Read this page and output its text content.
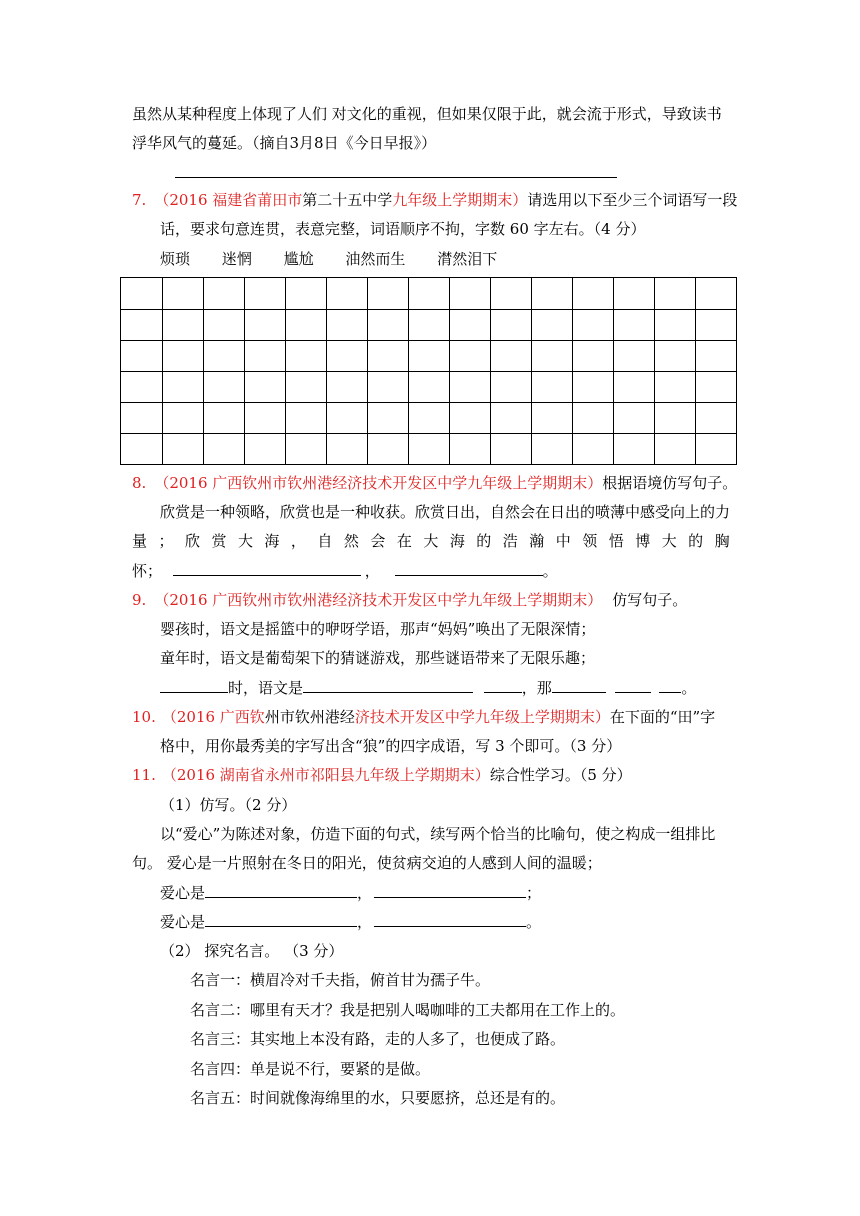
虽然从某种程度上体现了人们 对文化的重视，但如果仅限于此，就会流于形式，导致读书
浮华风气的蔓延。（摘自3月8日《今日早报》）
7. （2016 福建省莆田市第二十五中学九年级上学期期末）请选用以下至少三个词语写一段
话，要求句意连贯，表意完整，词语顺序不拘，字数 60 字左右。（4 分）
烦琐 迷惘 尴尬 油然而生 潸然泪下
8. （2016 广西钦州市钦州港经济技术开发区中学九年级上学期期末）根据语境仿写句子。
欣赏是一种领略，欣赏也是一种收获。欣赏日出，自然会在日出的喷薄中感受向上的力
量 ； 欣 赏 大 海 ， 自 然 会 在 大 海 的 浩 瀚 中 领 悟 博 大 的 胸
怀；	，	。
9. （2016 广西钦州市钦州港经济技术开发区中学九年级上学期期末） 仿写句子。
婴孩时，语文是摇篮中的咿呀学语，那声“妈妈”唤出了无限深情；
童年时，语文是葡萄架下的猜谜游戏，那些谜语带来了无限乐趣；
时，语文是	，那	。
10. （2016 广西钦州市钦州港经济技术开发区中学九年级上学期期末）在下面的“田”字
格中，用你最秀美的字写出含“狼”的四字成语，写 3 个即可。（3 分）
11. （2016 湖南省永州市祁阳县九年级上学期期末）综合性学习。（5 分）
（1）仿写。（2 分）
以“爱心”为陈述对象，仿造下面的句式，续写两个恰当的比喻句，使之构成一组排比
句。 爱心是一片照射在冬日的阳光，使贫病交迫的人感到人间的温暖；
爱心是	，	；
爱心是	，	。
（2） 探究名言。 （3 分）
名言一：横眉冷对千夫指，俯首甘为孺子牛。
名言二：哪里有天才？我是把别人喝咖啡的工夫都用在工作上的。
名言三：其实地上本没有路，走的人多了，也便成了路。
名言四：单是说不行，要紧的是做。
名言五：时间就像海绵里的水，只要愿挤，总还是有的。
